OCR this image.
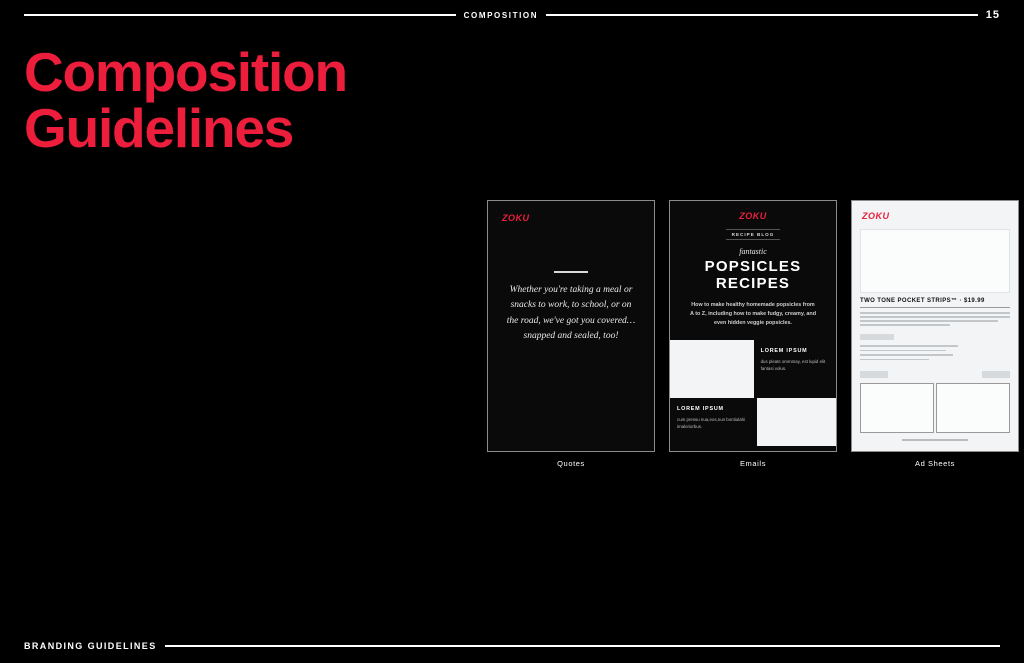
COMPOSITION	15
Composition
Guidelines
ZOKU
Whether you're taking a meal or snacks to work, to school, or on the road, we've got you covered…snapped and sealed, too!
Quotes
ZOKU
RECIPE BLOG
fantastic
POPSICLES
RECIPES
How to make healthy homemade popsicles from A to Z, including how to make fudgy, creamy, and even hidden veggie popsicles.
LOREM IPSUM
dus pleats ommmay, est lupid elit fantasi volus.
LOREM IPSUM
cum pressu nua,eos,nun bontiulahi imaloriorbus.
Emails
ZOKU
TWO TONE POCKET STRIPS™ · $19.99
Ad Sheets
BRANDING GUIDELINES
